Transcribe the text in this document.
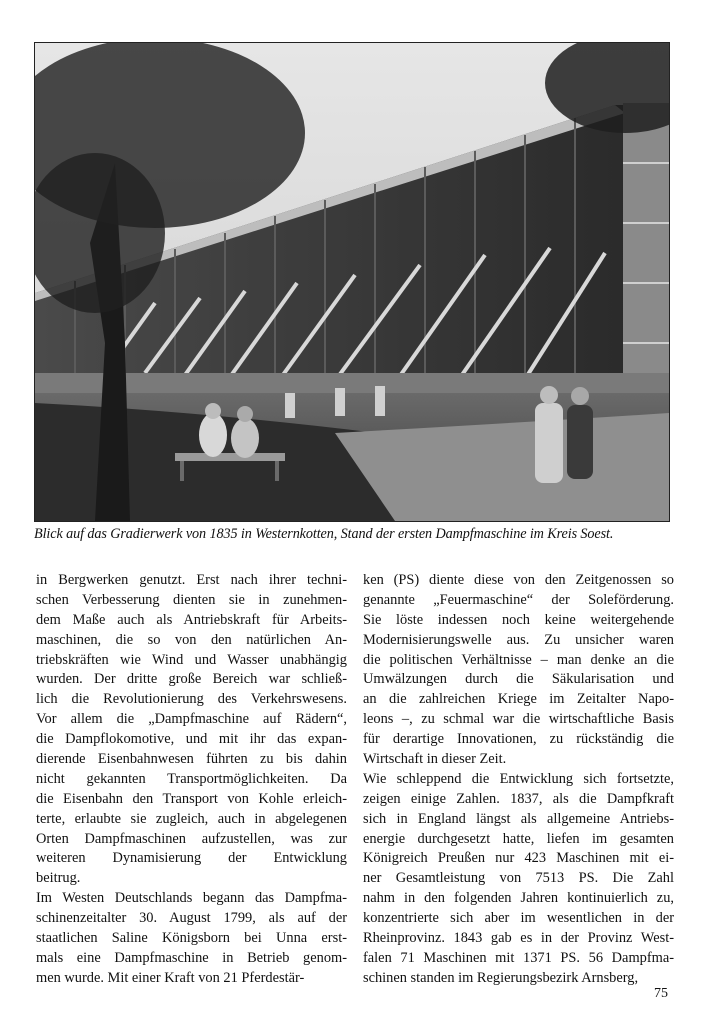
Blick auf das Gradierwerk von 1835 in Westernkotten, Stand der ersten Dampfmaschine im Kreis Soest.
in Bergwerken genutzt. Erst nach ihrer techni-
schen Verbesserung dienten sie in zunehmen-
dem Maße auch als Antriebskraft für Arbeits-
maschinen, die so von den natürlichen An-
triebskräften wie Wind und Wasser unabhängig
wurden. Der dritte große Bereich war schließ-
lich die Revolutionierung des Verkehrswesens.
Vor allem die „Dampfmaschine auf Rädern“,
die Dampflokomotive, und mit ihr das expan-
dierende Eisenbahnwesen führten zu bis dahin
nicht gekannten Transportmöglichkeiten. Da
die Eisenbahn den Transport von Kohle erleich-
terte, erlaubte sie zugleich, auch in abgelegenen
Orten Dampfmaschinen aufzustellen, was zur
weiteren Dynamisierung der Entwicklung
beitrug.
Im Westen Deutschlands begann das Dampfma-
schinenzeitalter 30. August 1799, als auf der
staatlichen Saline Königsborn bei Unna erst-
mals eine Dampfmaschine in Betrieb genom-
men wurde. Mit einer Kraft von 21 Pferdestär-
ken (PS) diente diese von den Zeitgenossen so
genannte „Feuermaschine“ der Soleförderung.
Sie löste indessen noch keine weitergehende
Modernisierungswelle aus. Zu unsicher waren
die politischen Verhältnisse – man denke an die
Umwälzungen durch die Säkularisation und
an die zahlreichen Kriege im Zeitalter Napo-
leons –, zu schmal war die wirtschaftliche Basis
für derartige Innovationen, zu rückständig die
Wirtschaft in dieser Zeit.
Wie schleppend die Entwicklung sich fortsetzte,
zeigen einige Zahlen. 1837, als die Dampfkraft
sich in England längst als allgemeine Antriebs-
energie durchgesetzt hatte, liefen im gesamten
Königreich Preußen nur 423 Maschinen mit ei-
ner Gesamtleistung von 7513 PS. Die Zahl
nahm in den folgenden Jahren kontinuierlich zu,
konzentrierte sich aber im wesentlichen in der
Rheinprovinz. 1843 gab es in der Provinz West-
falen 71 Maschinen mit 1371 PS. 56 Dampfma-
schinen standen im Regierungsbezirk Arnsberg,
75
